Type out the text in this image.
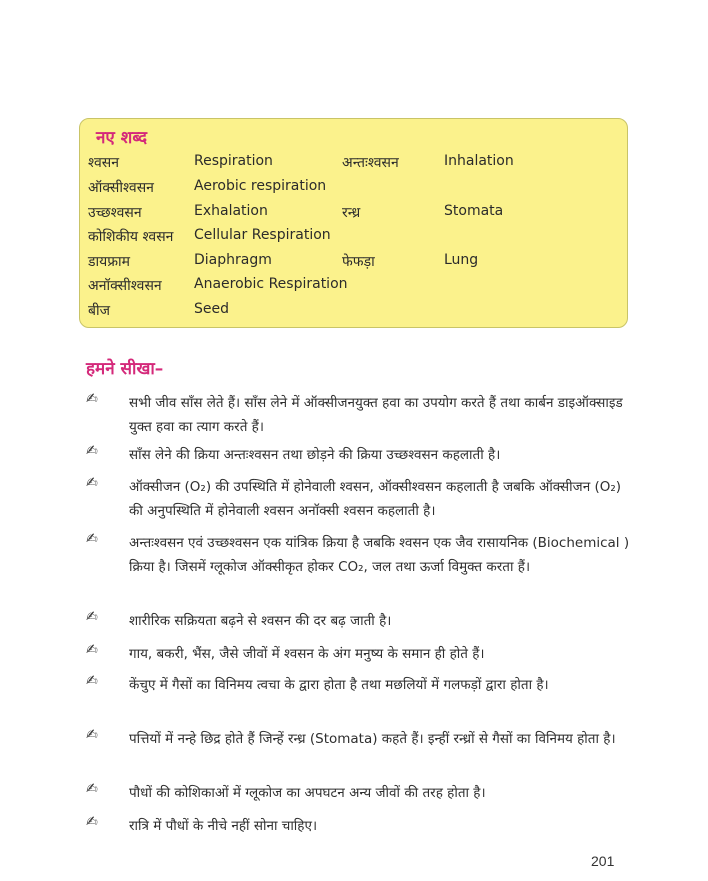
नए शब्द
श्वसन	Respiration	अन्तःश्वसन	Inhalation
ऑक्सीश्वसन	Aerobic respiration
उच्छश्वसन	Exhalation	रन्ध्र	Stomata
कोशिकीय श्वसन Cellular Respiration
डायफ्राम	Diaphragm	फेफड़ा	Lung
अनॉक्सीश्वसन Anaerobic Respiration
बीज	Seed
हमने सीखा–
✍ सभी जीव साँस लेते हैं। साँस लेने में ऑक्सीजनयुक्त हवा का उपयोग करते हैं तथा कार्बन डाइऑक्साइड युक्त हवा का त्याग करते हैं।
✍ साँस लेने की क्रिया अन्तःश्वसन तथा छोड़ने की क्रिया उच्छश्वसन कहलाती है।
✍ ऑक्सीजन (O₂) की उपस्थिति में होनेवाली श्वसन, ऑक्सीश्वसन कहलाती है जबकि ऑक्सीजन (O₂) की अनुपस्थिति में होनेवाली श्वसन अनॉक्सी श्वसन कहलाती है।
✍ अन्तःश्वसन एवं उच्छश्वसन एक यांत्रिक क्रिया है जबकि श्वसन एक जैव रासायनिक (Biochemical ) क्रिया है। जिसमें ग्लूकोज ऑक्सीकृत होकर CO₂, जल तथा ऊर्जा विमुक्त करता हैं।
✍ शारीरिक सक्रियता बढ़ने से श्वसन की दर बढ़ जाती है।
✍ गाय, बकरी, भैंस, जैसे जीवों में श्वसन के अंग मनुष्य के समान ही होते हैं।
✍ केंचुए में गैसों का विनिमय त्वचा के द्वारा होता है तथा मछलियों में गलफड़ों द्वारा होता है।
✍ पत्तियों में नन्हे छिद्र होते हैं जिन्हें रन्ध्र (Stomata) कहते हैं। इन्हीं रन्ध्रों से गैसों का विनिमय होता है।
✍ पौधों की कोशिकाओं में ग्लूकोज का अपघटन अन्य जीवों की तरह होता है।
✍ रात्रि में पौधों के नीचे नहीं सोना चाहिए।
201
